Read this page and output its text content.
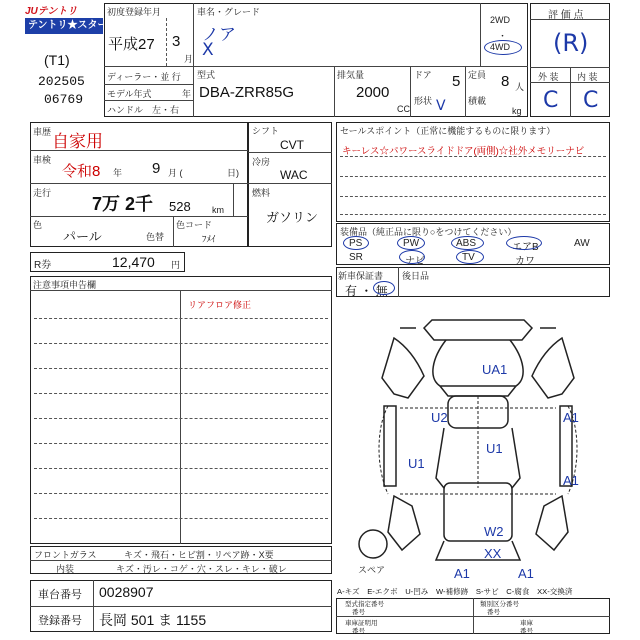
JUテントリ
テントリ★スター
(T1)
202505
06769
初度登録年月
平成27 3
月
車名・グレード
ノア
X
2WD
・
4WD
ディーラー・並 行
モデル年式	年
ハンドル　左・右
型式
DBA-ZRR85G
排気量
2000
CC
ドア 5
形状 V
定員 8 人
積載
kg
評 価 点
(R)
外 装 内 装
C C
車歴 自家用
車検
令和8 年 9 月 (	日)
走行
7万 2千 528 km
色
パール	色替
色コード
ﾌﾒｲ
シフト
CVT
冷房
WAC
燃料
ガソリン
セールスポイント（正常に機能するものに限ります）
キーレス☆パワースライドドア(両側)☆社外メモリーナビ
装備品（純正品に限り○をつけてください）
PS	PW	ABS	エアB	AW
SR	ナビ	TV	カワ
R券	12,470 円
新車保証書
有 ・ 無
後日品
注意事項申告欄
リアフロア修正
フロントガラス	キズ・飛石・ヒビ割・リペア跡・X要
内装	キズ・汚レ・コゲ・穴・スレ・キレ・破レ
車台番号 0028907
登録番号 長岡 501 ま 1155
UA1
U2	A1
U1
U1
A1
W2
XX
A1	A1
スペア
A-キズ　E-エクボ　U-凹み　W-補修跡　S-サビ　C-腐食　XX-交換済
型式指定番号
番号
類別区分番号
番号
車庫証明用
番号
車庫
番号
